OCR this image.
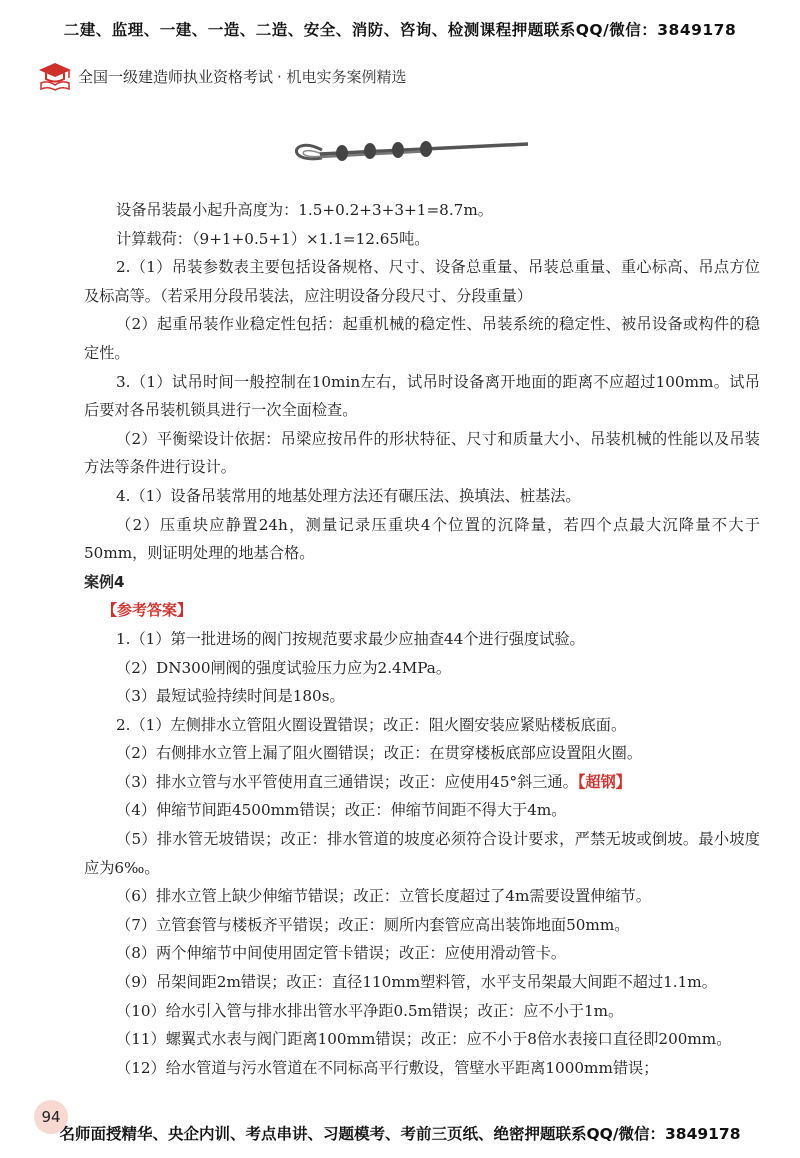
二建、监理、一建、一造、二造、安全、消防、咨询、检测课程押题联系QQ/微信：3849178
全国一级建造师执业资格考试 · 机电实务案例精选

设备吊装最小起升高度为：1.5+0.2+3+3+1=8.7m。

计算载荷：（9+1+0.5+1）×1.1=12.65吨。

2.（1）吊装参数表主要包括设备规格、尺寸、设备总重量、吊装总重量、重心标高、吊点方位及标高等。（若采用分段吊装法，应注明设备分段尺寸、分段重量）

（2）起重吊装作业稳定性包括：起重机械的稳定性、吊装系统的稳定性、被吊设备或构件的稳定性。

3.（1）试吊时间一般控制在10min左右，试吊时设备离开地面的距离不应超过100mm。试吊后要对各吊装机锁具进行一次全面检查。

（2）平衡梁设计依据：吊梁应按吊件的形状特征、尺寸和质量大小、吊装机械的性能以及吊装方法等条件进行设计。

4.（1）设备吊装常用的地基处理方法还有碾压法、换填法、桩基法。

（2）压重块应静置24h，测量记录压重块4个位置的沉降量，若四个点最大沉降量不大于50mm，则证明处理的地基合格。

案例4

【参考答案】

1.（1）第一批进场的阀门按规范要求最少应抽查44个进行强度试验。

（2）DN300闸阀的强度试验压力应为2.4MPa。

（3）最短试验持续时间是180s。

2.（1）左侧排水立管阻火圈设置错误；改正：阻火圈安装应紧贴楼板底面。

（2）右侧排水立管上漏了阻火圈错误；改正：在贯穿楼板底部应设置阻火圈。

（3）排水立管与水平管使用直三通错误；改正：应使用45°斜三通。【超钢】

（4）伸缩节间距4500mm错误；改正：伸缩节间距不得大于4m。

（5）排水管无坡错误；改正：排水管道的坡度必须符合设计要求，严禁无坡或倒坡。最小坡度应为6‰。

（6）排水立管上缺少伸缩节错误；改正：立管长度超过了4m需要设置伸缩节。

（7）立管套管与楼板齐平错误；改正：厕所内套管应高出装饰地面50mm。

（8）两个伸缩节中间使用固定管卡错误；改正：应使用滑动管卡。

（9）吊架间距2m错误；改正：直径110mm塑料管，水平支吊架最大间距不超过1.1m。

（10）给水引入管与排水排出管水平净距0.5m错误；改正：应不小于1m。

（11）螺翼式水表与阀门距离100mm错误；改正：应不小于8倍水表接口直径即200mm。

（12）给水管道与污水管道在不同标高平行敷设，管壁水平距离1000mm错误；

94
名师面授精华、央企内训、考点串讲、习题模考、考前三页纸、绝密押题联系QQ/微信：3849178
